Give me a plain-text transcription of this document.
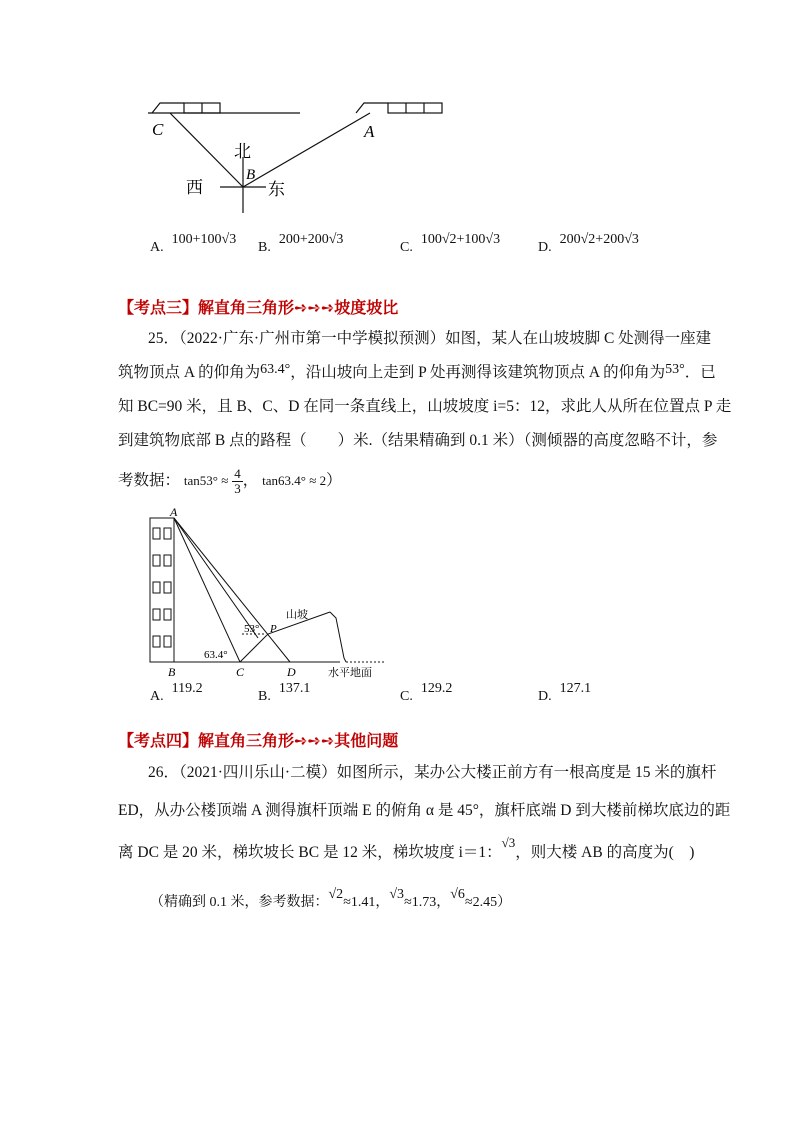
C	A
B
北
西	东
A.100+100√3
B.200+200√3
C.100√2+100√3
D.200√2+200√3
【考点三】解直角三角形➺➺➺坡度坡比
25．（2022·广东·广州市第一中学模拟预测）如图，某人在山坡坡脚 C 处测得一座建
筑物顶点 A 的仰角为63.4°，沿山坡向上走到 P 处再测得该建筑物顶点 A 的仰角为53°．已
知 BC=90 米，且 B、C、D 在同一条直线上，山坡坡度 i=5：12，求此人从所在位置点 P 走
到建筑物底部 B 点的路程（　　）米.（结果精确到 0.1 米）（测倾器的高度忽略不计，参
考数据： $\tan 53^\circ \approx \frac{4}{3}$ ， tan63.4° ≈ 2）
A
B	C	D
P
63.4°
53°
山坡
水平地面
A.119.2
B.137.1
C.129.2
D.127.1
【考点四】解直角三角形➺➺➺其他问题
26．（2021·四川乐山·二模）如图所示，某办公大楼正前方有一根高度是 15 米的旗杆
ED，从办公楼顶端 A 测得旗杆顶端 E 的俯角 α 是 45°，旗杆底端 D 到大楼前梯坎底边的距
离 DC 是 20 米，梯坎坡长 BC 是 12 米，梯坎坡度 i＝1：$^{√3}$，则大楼 AB 的高度为(　)
（精确到 0.1 米，参考数据：√2≈1.41，√3≈1.73，√6≈2.45）
